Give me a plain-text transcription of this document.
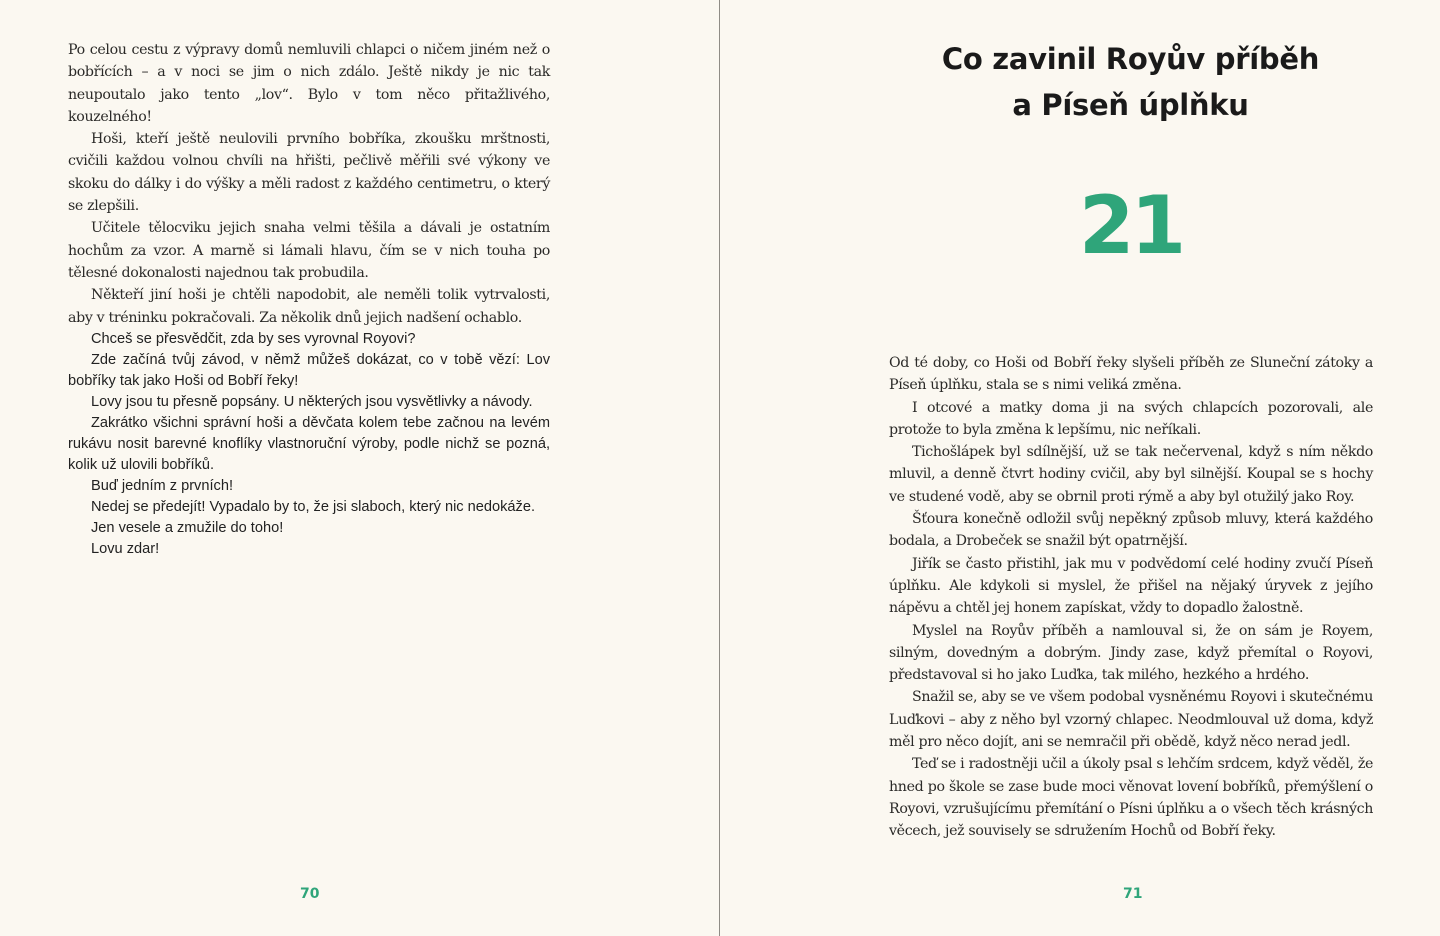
Po celou cestu z výpravy domů nemluvili chlapci o ničem jiném než o bobřících – a v noci se jim o nich zdálo. Ještě nikdy je nic tak neupoutalo jako tento „lov“. Bylo v tom něco přitažlivého, kouzelného!

Hoši, kteří ještě neulovili prvního bobříka, zkoušku mrštnosti, cvičili každou volnou chvíli na hřišti, pečlivě měřili své výkony ve skoku do dálky i do výšky a měli radost z každého centimetru, o který se zlepšili.

Učitele tělocviku jejich snaha velmi těšila a dávali je ostatním hochům za vzor. A marně si lámali hlavu, čím se v nich touha po tělesné dokonalosti najednou tak probudila.

Někteří jiní hoši je chtěli napodobit, ale neměli tolik vytrvalosti, aby v tréninku pokračovali. Za několik dnů jejich nadšení ochablo.

Chceš se přesvědčit, zda by ses vyrovnal Royovi?

Zde začíná tvůj závod, v němž můžeš dokázat, co v tobě vězí: Lov bobříky tak jako Hoši od Bobří řeky!

Lovy jsou tu přesně popsány. U některých jsou vysvětlivky a návody.

Zakrátko všichni správní hoši a děvčata kolem tebe začnou na levém rukávu nosit barevné knoflíky vlastnoruční výroby, podle nichž se pozná, kolik už ulovili bobříků.

Buď jedním z prvních!

Nedej se předejít! Vypadalo by to, že jsi slaboch, který nic nedokáže.

Jen vesele a zmužile do toho!

Lovu zdar!

70
Co zavinil Royův příběh
a Píseň úplňku
21

Od té doby, co Hoši od Bobří řeky slyšeli příběh ze Sluneční zátoky a Píseň úplňku, stala se s nimi veliká změna.

I otcové a matky doma ji na svých chlapcích pozorovali, ale protože to byla změna k lepšímu, nic neříkali.

Tichošlápek byl sdílnější, už se tak nečervenal, když s ním někdo mluvil, a denně čtvrt hodiny cvičil, aby byl silnější. Koupal se s hochy ve studené vodě, aby se obrnil proti rýmě a aby byl otužilý jako Roy.

Šťoura konečně odložil svůj nepěkný způsob mluvy, která každého bodala, a Drobeček se snažil být opatrnější.

Jiřík se často přistihl, jak mu v podvědomí celé hodiny zvučí Píseň úplňku. Ale kdykoli si myslel, že přišel na nějaký úryvek z jejího nápěvu a chtěl jej honem zapískat, vždy to dopadlo žalostně.

Myslel na Royův příběh a namlouval si, že on sám je Royem, silným, dovedným a dobrým. Jindy zase, když přemítal o Royovi, představoval si ho jako Luďka, tak milého, hezkého a hrdého.

Snažil se, aby se ve všem podobal vysněnému Royovi i skutečnému Luďkovi – aby z něho byl vzorný chlapec. Neodmlouval už doma, když měl pro něco dojít, ani se nemračil při obědě, když něco nerad jedl.

Teď se i radostněji učil a úkoly psal s lehčím srdcem, když věděl, že hned po škole se zase bude moci věnovat lovení bobříků, přemýšlení o Royovi, vzrušujícímu přemítání o Písni úplňku a o všech těch krásných věcech, jež souvisely se sdružením Hochů od Bobří řeky.

71
